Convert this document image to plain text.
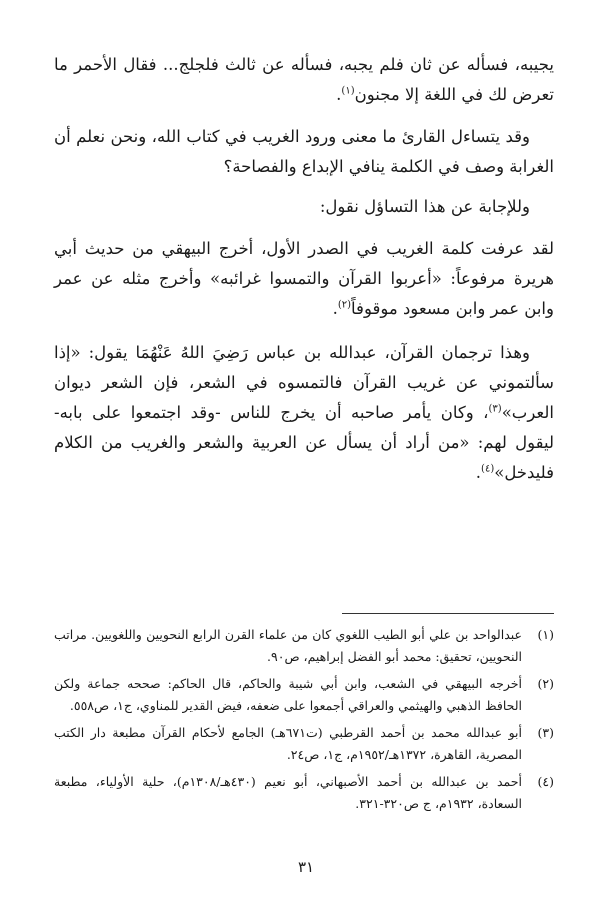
يجيبه، فسأله عن ثان فلم يجبه، فسأله عن ثالث فلجلج... فقال الأحمر ما تعرض لك في اللغة إلا مجنون$^{(١)}$.

وقد يتساءل القارئ ما معنى ورود الغريب في كتاب الله، ونحن نعلم أن الغرابة وصف في الكلمة ينافي الإبداع والفصاحة؟

وللإجابة عن هذا التساؤل نقول:

لقد عرفت كلمة الغريب في الصدر الأول، أخرج البيهقي من حديث أبي هريرة مرفوعاً: «أعربوا القرآن والتمسوا غرائبه» وأخرج مثله عن عمر وابن عمر وابن مسعود موقوفاً$^{(٢)}$.

وهذا ترجمان القرآن، عبدالله بن عباس رَضِيَ اللهُ عَنْهُمَا يقول: «إذا سألتموني عن غريب القرآن فالتمسوه في الشعر، فإن الشعر ديوان العرب»$^{(٣)}$، وكان يأمر صاحبه أن يخرج للناس -وقد اجتمعوا على بابه- ليقول لهم: «من أراد أن يسأل عن العربية والشعر والغريب من الكلام فليدخل»$^{(٤)}$.

(١)
عبدالواحد بن علي أبو الطيب اللغوي كان من علماء القرن الرابع النحويين واللغويين. مراتب النحويين، تحقيق: محمد أبو الفضل إبراهيم، ص٩٠.
(٢)
أخرجه البيهقي في الشعب، وابن أبي شيبة والحاكم، قال الحاكم: صححه جماعة ولكن الحافظ الذهبي والهيثمي والعراقي أجمعوا على ضعفه، فيض القدير للمناوي، ج١، ص٥٥٨.
(٣)
أبو عبدالله محمد بن أحمد القرطبي (ت٦٧١هـ) الجامع لأحكام القرآن مطبعة دار الكتب المصرية، القاهرة، ١٣٧٢هـ/١٩٥٢م، ج١، ص٢٤.
(٤)
أحمد بن عبدالله بن أحمد الأصبهاني، أبو نعيم (٤٣٠هـ/١٣٠٨م)، حلية الأولياء، مطبعة السعادة، ١٩٣٢م، ج ص٣٢٠-٣٢١.
٣١
